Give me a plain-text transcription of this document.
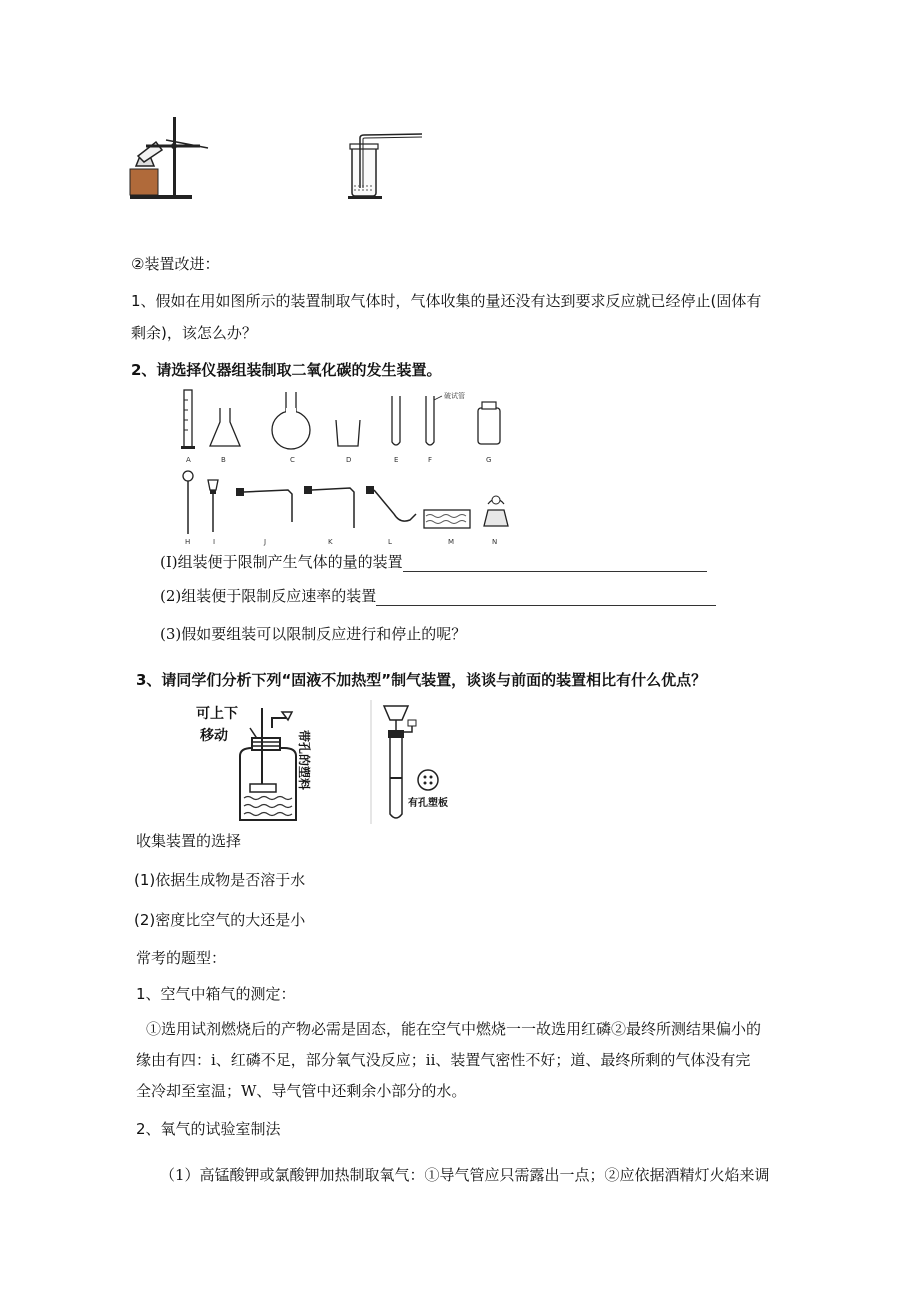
②装置改进：
1、假如在用如图所示的装置制取气体时，气体收集的量还没有达到要求反应就已经停止(固体有
剩余)，该怎么办？
2、请选择仪器组装制取二氧化碳的发生装置。
破试管
A	B	C	D	E	F	G
H	I	J	K	L	M	N
(I)组装便于限制产生气体的量的装置
(2)组装便于限制反应速率的装置
(3)假如要组装可以限制反应进行和停止的呢？
3、请同学们分析下列“固液不加热型”制气装置，谈谈与前面的装置相比有什么优点？
可上下
移动	带孔的塑料
有孔塑板
收集装置的选择
(1)依据生成物是否溶于水
(2)密度比空气的大还是小
常考的题型：
1、空气中箱气的测定：
①选用试剂燃烧后的产物必需是固态，能在空气中燃烧一一故选用红磷②最终所测结果偏小的
缘由有四：i、红磷不足，部分氧气没反应；ii、装置气密性不好；道、最终所剩的气体没有完
全冷却至室温；W、导气管中还剩余小部分的水。
2、氧气的试验室制法
（1）高锰酸钾或氯酸钾加热制取氧气：①导气管应只需露出一点；②应依据酒精灯火焰来调
